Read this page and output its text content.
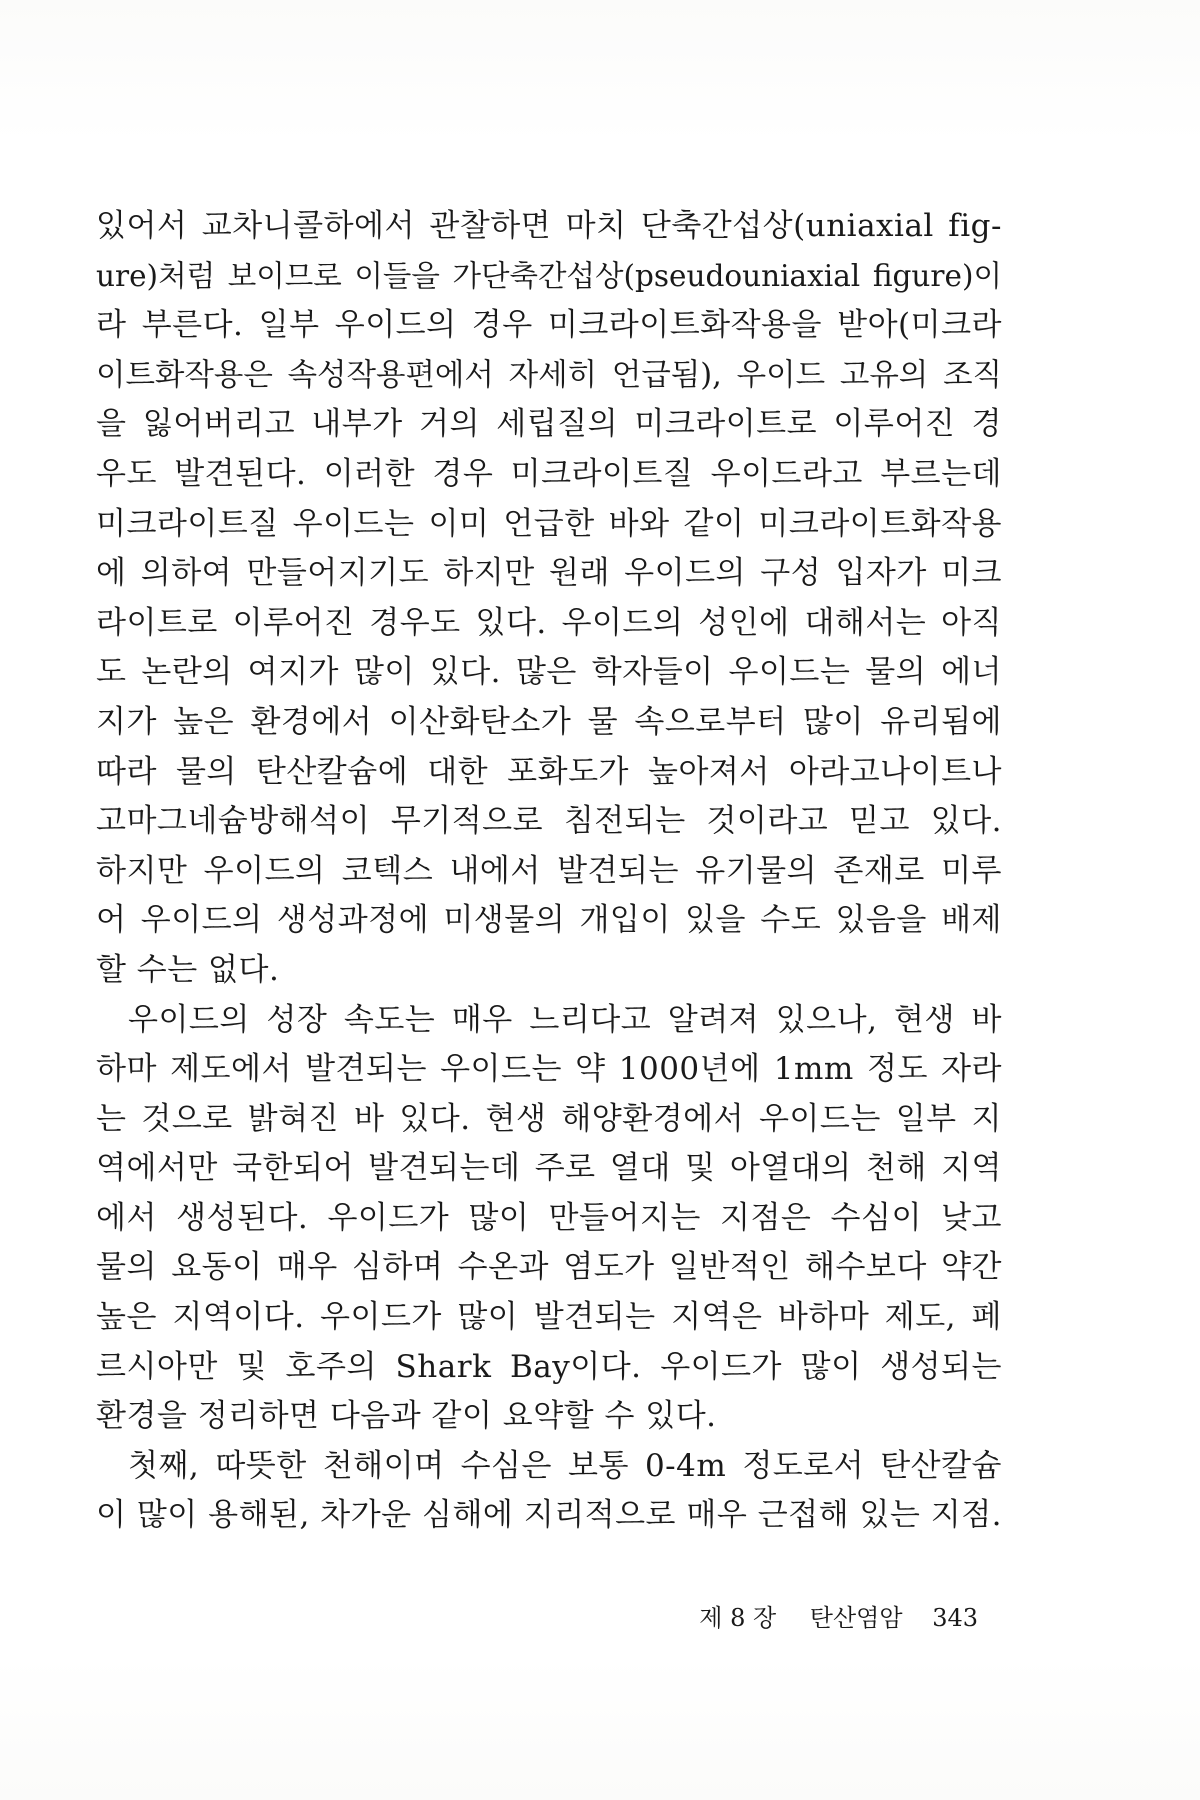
있어서 교차니콜하에서 관찰하면 마치 단축간섭상(uniaxial fig-
ure)처럼 보이므로 이들을 가단축간섭상(pseudouniaxial figure)이
라 부른다. 일부 우이드의 경우 미크라이트화작용을 받아(미크라
이트화작용은 속성작용편에서 자세히 언급됨), 우이드 고유의 조직
을 잃어버리고 내부가 거의 세립질의 미크라이트로 이루어진 경
우도 발견된다. 이러한 경우 미크라이트질 우이드라고 부르는데
미크라이트질 우이드는 이미 언급한 바와 같이 미크라이트화작용
에 의하여 만들어지기도 하지만 원래 우이드의 구성 입자가 미크
라이트로 이루어진 경우도 있다. 우이드의 성인에 대해서는 아직
도 논란의 여지가 많이 있다. 많은 학자들이 우이드는 물의 에너
지가 높은 환경에서 이산화탄소가 물 속으로부터 많이 유리됨에
따라 물의 탄산칼슘에 대한 포화도가 높아져서 아라고나이트나
고마그네슘방해석이 무기적으로 침전되는 것이라고 믿고 있다.
하지만 우이드의 코텍스 내에서 발견되는 유기물의 존재로 미루
어 우이드의 생성과정에 미생물의 개입이 있을 수도 있음을 배제
할 수는 없다.
우이드의 성장 속도는 매우 느리다고 알려져 있으나, 현생 바
하마 제도에서 발견되는 우이드는 약 1000년에 1mm 정도 자라
는 것으로 밝혀진 바 있다. 현생 해양환경에서 우이드는 일부 지
역에서만 국한되어 발견되는데 주로 열대 및 아열대의 천해 지역
에서 생성된다. 우이드가 많이 만들어지는 지점은 수심이 낮고
물의 요동이 매우 심하며 수온과 염도가 일반적인 해수보다 약간
높은 지역이다. 우이드가 많이 발견되는 지역은 바하마 제도, 페
르시아만 및 호주의 Shark Bay이다. 우이드가 많이 생성되는
환경을 정리하면 다음과 같이 요약할 수 있다.
첫째, 따뜻한 천해이며 수심은 보통 0-4m 정도로서 탄산칼슘
이 많이 용해된, 차가운 심해에 지리적으로 매우 근접해 있는 지점.
제 8 장 탄산염암 343
